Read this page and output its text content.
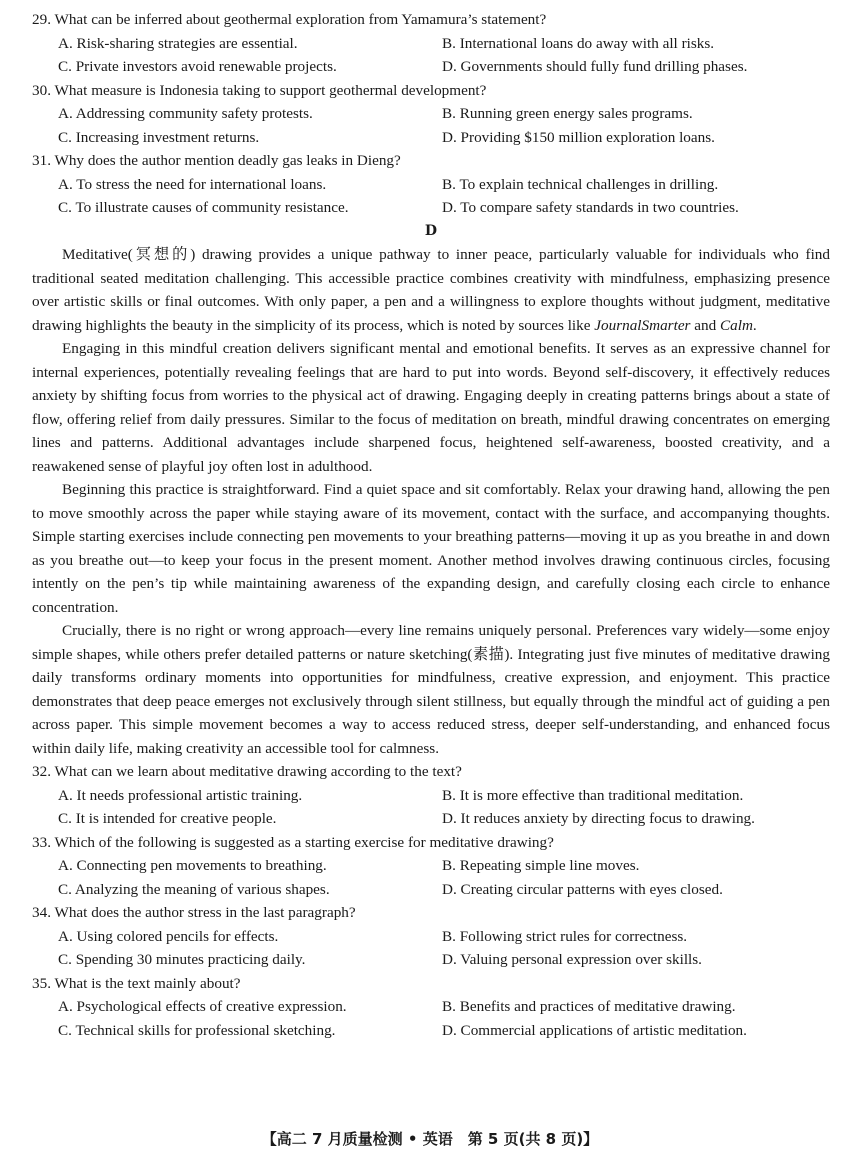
29. What can be inferred about geothermal exploration from Yamamura’s statement?

A. Risk-sharing strategies are essential.	B. International loans do away with all risks.
C. Private investors avoid renewable projects.	D. Governments should fully fund drilling phases.

30. What measure is Indonesia taking to support geothermal development?

A. Addressing community safety protests.	B. Running green energy sales programs.
C. Increasing investment returns.	D. Providing $150 million exploration loans.

31. Why does the author mention deadly gas leaks in Dieng?

A. To stress the need for international loans.	B. To explain technical challenges in drilling.
C. To illustrate causes of community resistance.	D. To compare safety standards in two countries.
D

Meditative(冥想的) drawing provides a unique pathway to inner peace, particularly valuable for individuals who find traditional seated meditation challenging. This accessible practice combines creativity with mindfulness, emphasizing presence over artistic skills or final outcomes. With only paper, a pen and a willingness to explore thoughts without judgment, meditative drawing highlights the beauty in the simplicity of its process, which is noted by sources like JournalSmarter and Calm.

Engaging in this mindful creation delivers significant mental and emotional benefits. It serves as an expressive channel for internal experiences, potentially revealing feelings that are hard to put into words. Beyond self-discovery, it effectively reduces anxiety by shifting focus from worries to the physical act of drawing. Engaging deeply in creating patterns brings about a state of flow, offering relief from daily pressures. Similar to the focus of meditation on breath, mindful drawing concentrates on emerging lines and patterns. Additional advantages include sharpened focus, heightened self-awareness, boosted creativity, and a reawakened sense of playful joy often lost in adulthood.

Beginning this practice is straightforward. Find a quiet space and sit comfortably. Relax your drawing hand, allowing the pen to move smoothly across the paper while staying aware of its movement, contact with the surface, and accompanying thoughts. Simple starting exercises include connecting pen movements to your breathing patterns—moving it up as you breathe in and down as you breathe out—to keep your focus in the present moment. Another method involves drawing continuous circles, focusing intently on the pen’s tip while maintaining awareness of the expanding design, and carefully closing each circle to enhance concentration.

Crucially, there is no right or wrong approach—every line remains uniquely personal. Preferences vary widely—some enjoy simple shapes, while others prefer detailed patterns or nature sketching(素描). Integrating just five minutes of meditative drawing daily transforms ordinary moments into opportunities for mindfulness, creative expression, and enjoyment. This practice demonstrates that deep peace emerges not exclusively through silent stillness, but equally through the mindful act of guiding a pen across paper. This simple movement becomes a way to access reduced stress, deeper self-understanding, and enhanced focus within daily life, making creativity an accessible tool for calmness.

32. What can we learn about meditative drawing according to the text?

A. It needs professional artistic training.	B. It is more effective than traditional meditation.
C. It is intended for creative people.	D. It reduces anxiety by directing focus to drawing.

33. Which of the following is suggested as a starting exercise for meditative drawing?

A. Connecting pen movements to breathing.	B. Repeating simple line moves.
C. Analyzing the meaning of various shapes.	D. Creating circular patterns with eyes closed.

34. What does the author stress in the last paragraph?

A. Using colored pencils for effects.	B. Following strict rules for correctness.
C. Spending 30 minutes practicing daily.	D. Valuing personal expression over skills.

35. What is the text mainly about?

A. Psychological effects of creative expression.	B. Benefits and practices of meditative drawing.
C. Technical skills for professional sketching.	D. Commercial applications of artistic meditation.
【高二 7 月质量检测 • 英语　第 5 页(共 8 页)】
